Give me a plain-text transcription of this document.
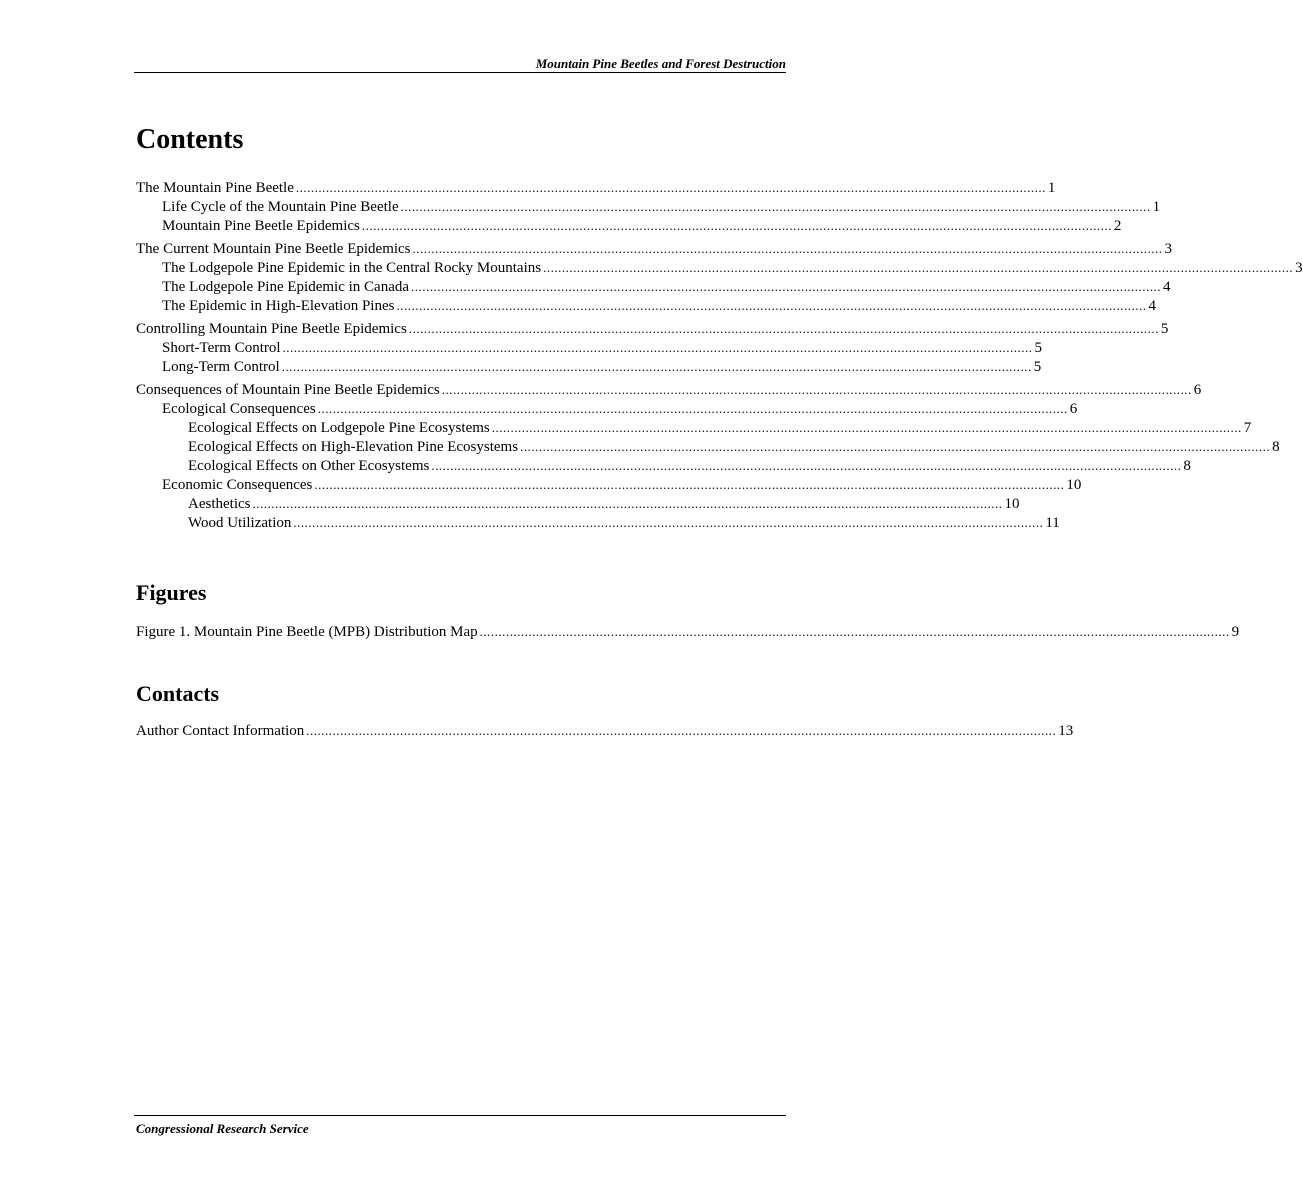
Mountain Pine Beetles and Forest Destruction
Contents
The Mountain Pine Beetle ........................................................................................................................................................................................................ 1
Life Cycle of the Mountain Pine Beetle ........................................................................................................................................................................................................ 1
Mountain Pine Beetle Epidemics ........................................................................................................................................................................................................ 2
The Current Mountain Pine Beetle Epidemics ........................................................................................................................................................................................................ 3
The Lodgepole Pine Epidemic in the Central Rocky Mountains ........................................................................................................................................................................................................ 3
The Lodgepole Pine Epidemic in Canada ........................................................................................................................................................................................................ 4
The Epidemic in High-Elevation Pines ........................................................................................................................................................................................................ 4
Controlling Mountain Pine Beetle Epidemics ........................................................................................................................................................................................................ 5
Short-Term Control ........................................................................................................................................................................................................ 5
Long-Term Control ........................................................................................................................................................................................................ 5
Consequences of Mountain Pine Beetle Epidemics ........................................................................................................................................................................................................ 6
Ecological Consequences ........................................................................................................................................................................................................ 6
Ecological Effects on Lodgepole Pine Ecosystems ........................................................................................................................................................................................................ 7
Ecological Effects on High-Elevation Pine Ecosystems ........................................................................................................................................................................................................ 8
Ecological Effects on Other Ecosystems ........................................................................................................................................................................................................ 8
Economic Consequences ........................................................................................................................................................................................................ 10
Aesthetics ........................................................................................................................................................................................................ 10
Wood Utilization ........................................................................................................................................................................................................ 11
Figures
Figure 1. Mountain Pine Beetle (MPB) Distribution Map ........................................................................................................................................................................................................ 9
Contacts
Author Contact Information ........................................................................................................................................................................................................ 13
Congressional Research Service
